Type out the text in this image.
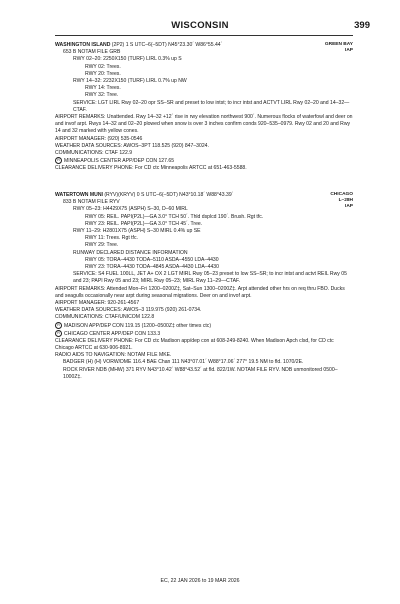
WISCONSIN	399
GREEN BAY
IAP
WASHINGTON ISLAND (2P2) 1 S UTC–6(–5DT) N45°23.30´ W86°55.44´
653 B NOTAM FILE GRB
RWY 02–20: 2250X150 (TURF) LIRL 0.3% up S
RWY 02: Trees.
RWY 20: Trees.
RWY 14–32: 2232X150 (TURF) LIRL 0.7% up NW
RWY 14: Trees.
RWY 32: Tree.
SERVICE: LGT LIRL Rwy 02–20 opr SS–SR and preset to low intst; to incr intst and ACTVT LIRL Rwy 02–20 and 14–32—CTAF.
AIRPORT REMARKS: Unattended. Rwy 14–32 +12´ rise in rwy elevation northwest 900´. Numerous flocks of waterfowl and deer on and invof arpt. Rwys 14–32 and 02–20 plowed when snow is over 3 inches confirm conds 920–535–0979. Rwy 02 and 20 and Rwy 14 and 32 marked with yellow cones.
AIRPORT MANAGER: (920) 535-0546
WEATHER DATA SOURCES: AWOS–3PT 118.525 (920) 847–3024.
COMMUNICATIONS: CTAF 122.9
R MINNEAPOLIS CENTER APP/DEP CON 127.65
CLEARANCE DELIVERY PHONE: For CD ctc Minneapolis ARTCC at 651-463-5588.
CHICAGO
L–28H
IAP
WATERTOWN MUNI (RYV)(KRYV) 0 S UTC–6(–5DT) N43°10.18´ W88°43.39´
833 B NOTAM FILE RYV
RWY 05–23: H4429X75 (ASPH) S–30, D–60 MIRL
RWY 05: REIL. PAPI(P2L)—GA 3.0° TCH 50´. Thld dsplcd 190´. Brush. Rgt tfc.
RWY 23: REIL. PAPI(P2L)—GA 3.0° TCH 45´. Tree.
RWY 11–29: H2801X75 (ASPH) S–30 MIRL 0.4% up SE
RWY 11: Trees. Rgt tfc.
RWY 29: Tree.
RUNWAY DECLARED DISTANCE INFORMATION
RWY 05: TORA–4430 TODA–5110 ASDA–4550 LDA–4430
RWY 23: TORA–4430 TODA–4845 ASDA–4430 LDA–4430
SERVICE: S4 FUEL 100LL, JET A+ OX 2 LGT MIRL Rwy 05–23 preset to low SS–SR; to incr intst and actvt REIL Rwy 05 and 23; PAPI Rwy 05 and 23; MIRL Rwy 05–23; MIRL Rwy 11–29—CTAF.
AIRPORT REMARKS: Attended Mon–Fri 1200–0200Z‡, Sat–Sun 1300–0200Z‡. Arpt attended other hrs on req thru FBO. Ducks and seagulls occasionally near arpt during seasonal migrations. Deer on and invof arpt.
AIRPORT MANAGER: 920-261-4567
WEATHER DATA SOURCES: AWOS–3 119.975 (920) 261-0734.
COMMUNICATIONS: CTAF/UNICOM 122.8
R MADISON APP/DEP CON 119.15 (1200–0500Z‡ other times ctc)
R CHICAGO CENTER APP/DEP CON 133.3
CLEARANCE DELIVERY PHONE: For CD ctc Madison app/dep con at 608-249-8240. When Madison Apch clsd, for CD ctc Chicago ARTCC at 630-906-8921.
RADIO AIDS TO NAVIGATION: NOTAM FILE MKE.
BADGER (H) (H) VORW/DME 116.4 BAE Chan 111 N43°07.01´ W88°17.06´ 277° 19.5 NM to fld. 1070/2E.
ROCK RIVER NDB (MHW) 371 RYV N43°10.42´ W88°43.52´ at fld. 822/1W. NOTAM FILE RYV. NDB unmonitored 0500–1000Z‡.
EC, 22 JAN 2026 to 19 MAR 2026
